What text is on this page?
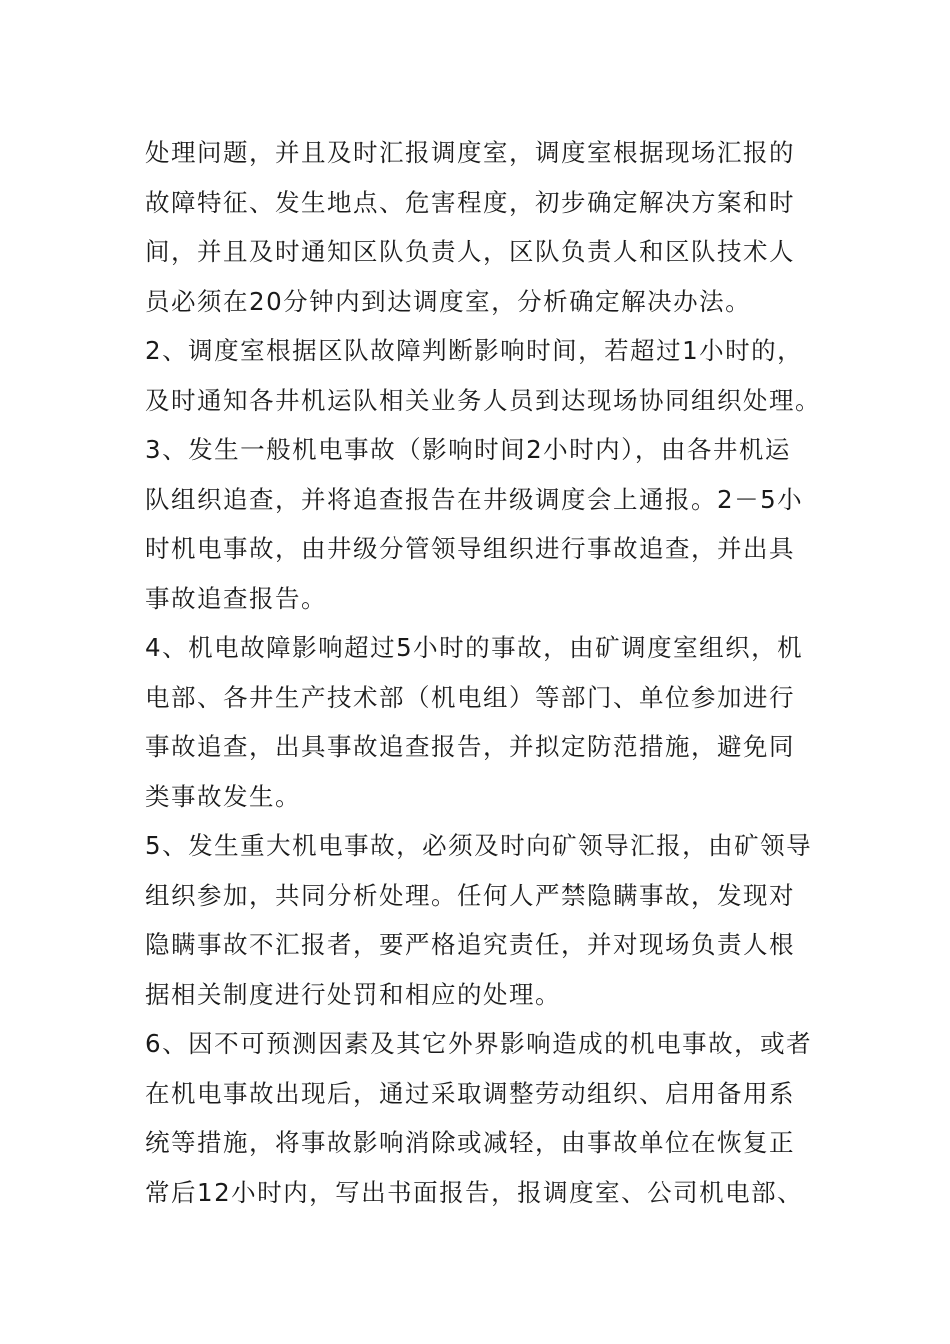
处理问题，并且及时汇报调度室，调度室根据现场汇报的
故障特征、发生地点、危害程度，初步确定解决方案和时
间，并且及时通知区队负责人，区队负责人和区队技术人
员必须在20分钟内到达调度室，分析确定解决办法。
2、调度室根据区队故障判断影响时间，若超过1小时的，
及时通知各井机运队相关业务人员到达现场协同组织处理。
3、发生一般机电事故（影响时间2小时内），由各井机运
队组织追查，并将追查报告在井级调度会上通报。2－5小
时机电事故，由井级分管领导组织进行事故追查，并出具
事故追查报告。
4、机电故障影响超过5小时的事故，由矿调度室组织，机
电部、各井生产技术部（机电组）等部门、单位参加进行
事故追查，出具事故追查报告，并拟定防范措施，避免同
类事故发生。
5、发生重大机电事故，必须及时向矿领导汇报，由矿领导
组织参加，共同分析处理。任何人严禁隐瞒事故，发现对
隐瞒事故不汇报者，要严格追究责任，并对现场负责人根
据相关制度进行处罚和相应的处理。
6、因不可预测因素及其它外界影响造成的机电事故，或者
在机电事故出现后，通过采取调整劳动组织、启用备用系
统等措施，将事故影响消除或减轻，由事故单位在恢复正
常后12小时内，写出书面报告，报调度室、公司机电部、
